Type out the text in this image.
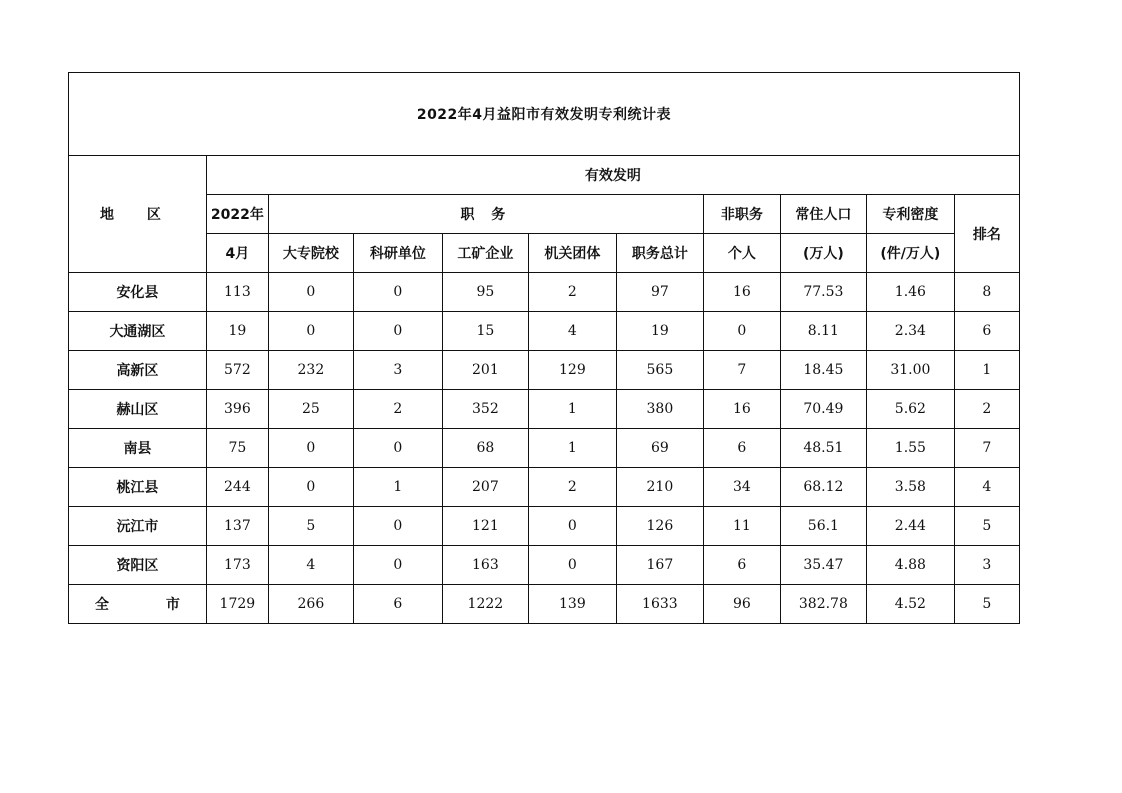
2022年4月益阳市有效发明专利统计表										
地 区	有效发明									
	2022年	职 务					非职务	常住人口	专利密度	排名
	4月	大专院校	科研单位	工矿企业	机关团体	职务总计	个人	(万人)	(件/万人)	
安化县	113	0	0	95	2	97	16	77.53	1.46	8
大通湖区	19	0	0	15	4	19	0	8.11	2.34	6
高新区	572	232	3	201	129	565	7	18.45	31.00	1
赫山区	396	25	2	352	1	380	16	70.49	5.62	2
南县	75	0	0	68	1	69	6	48.51	1.55	7
桃江县	244	0	1	207	2	210	34	68.12	3.58	4
沅江市	137	5	0	121	0	126	11	56.1	2.44	5
资阳区	173	4	0	163	0	167	6	35.47	4.88	3
全 市	1729	266	6	1222	139	1633	96	382.78	4.52	5
